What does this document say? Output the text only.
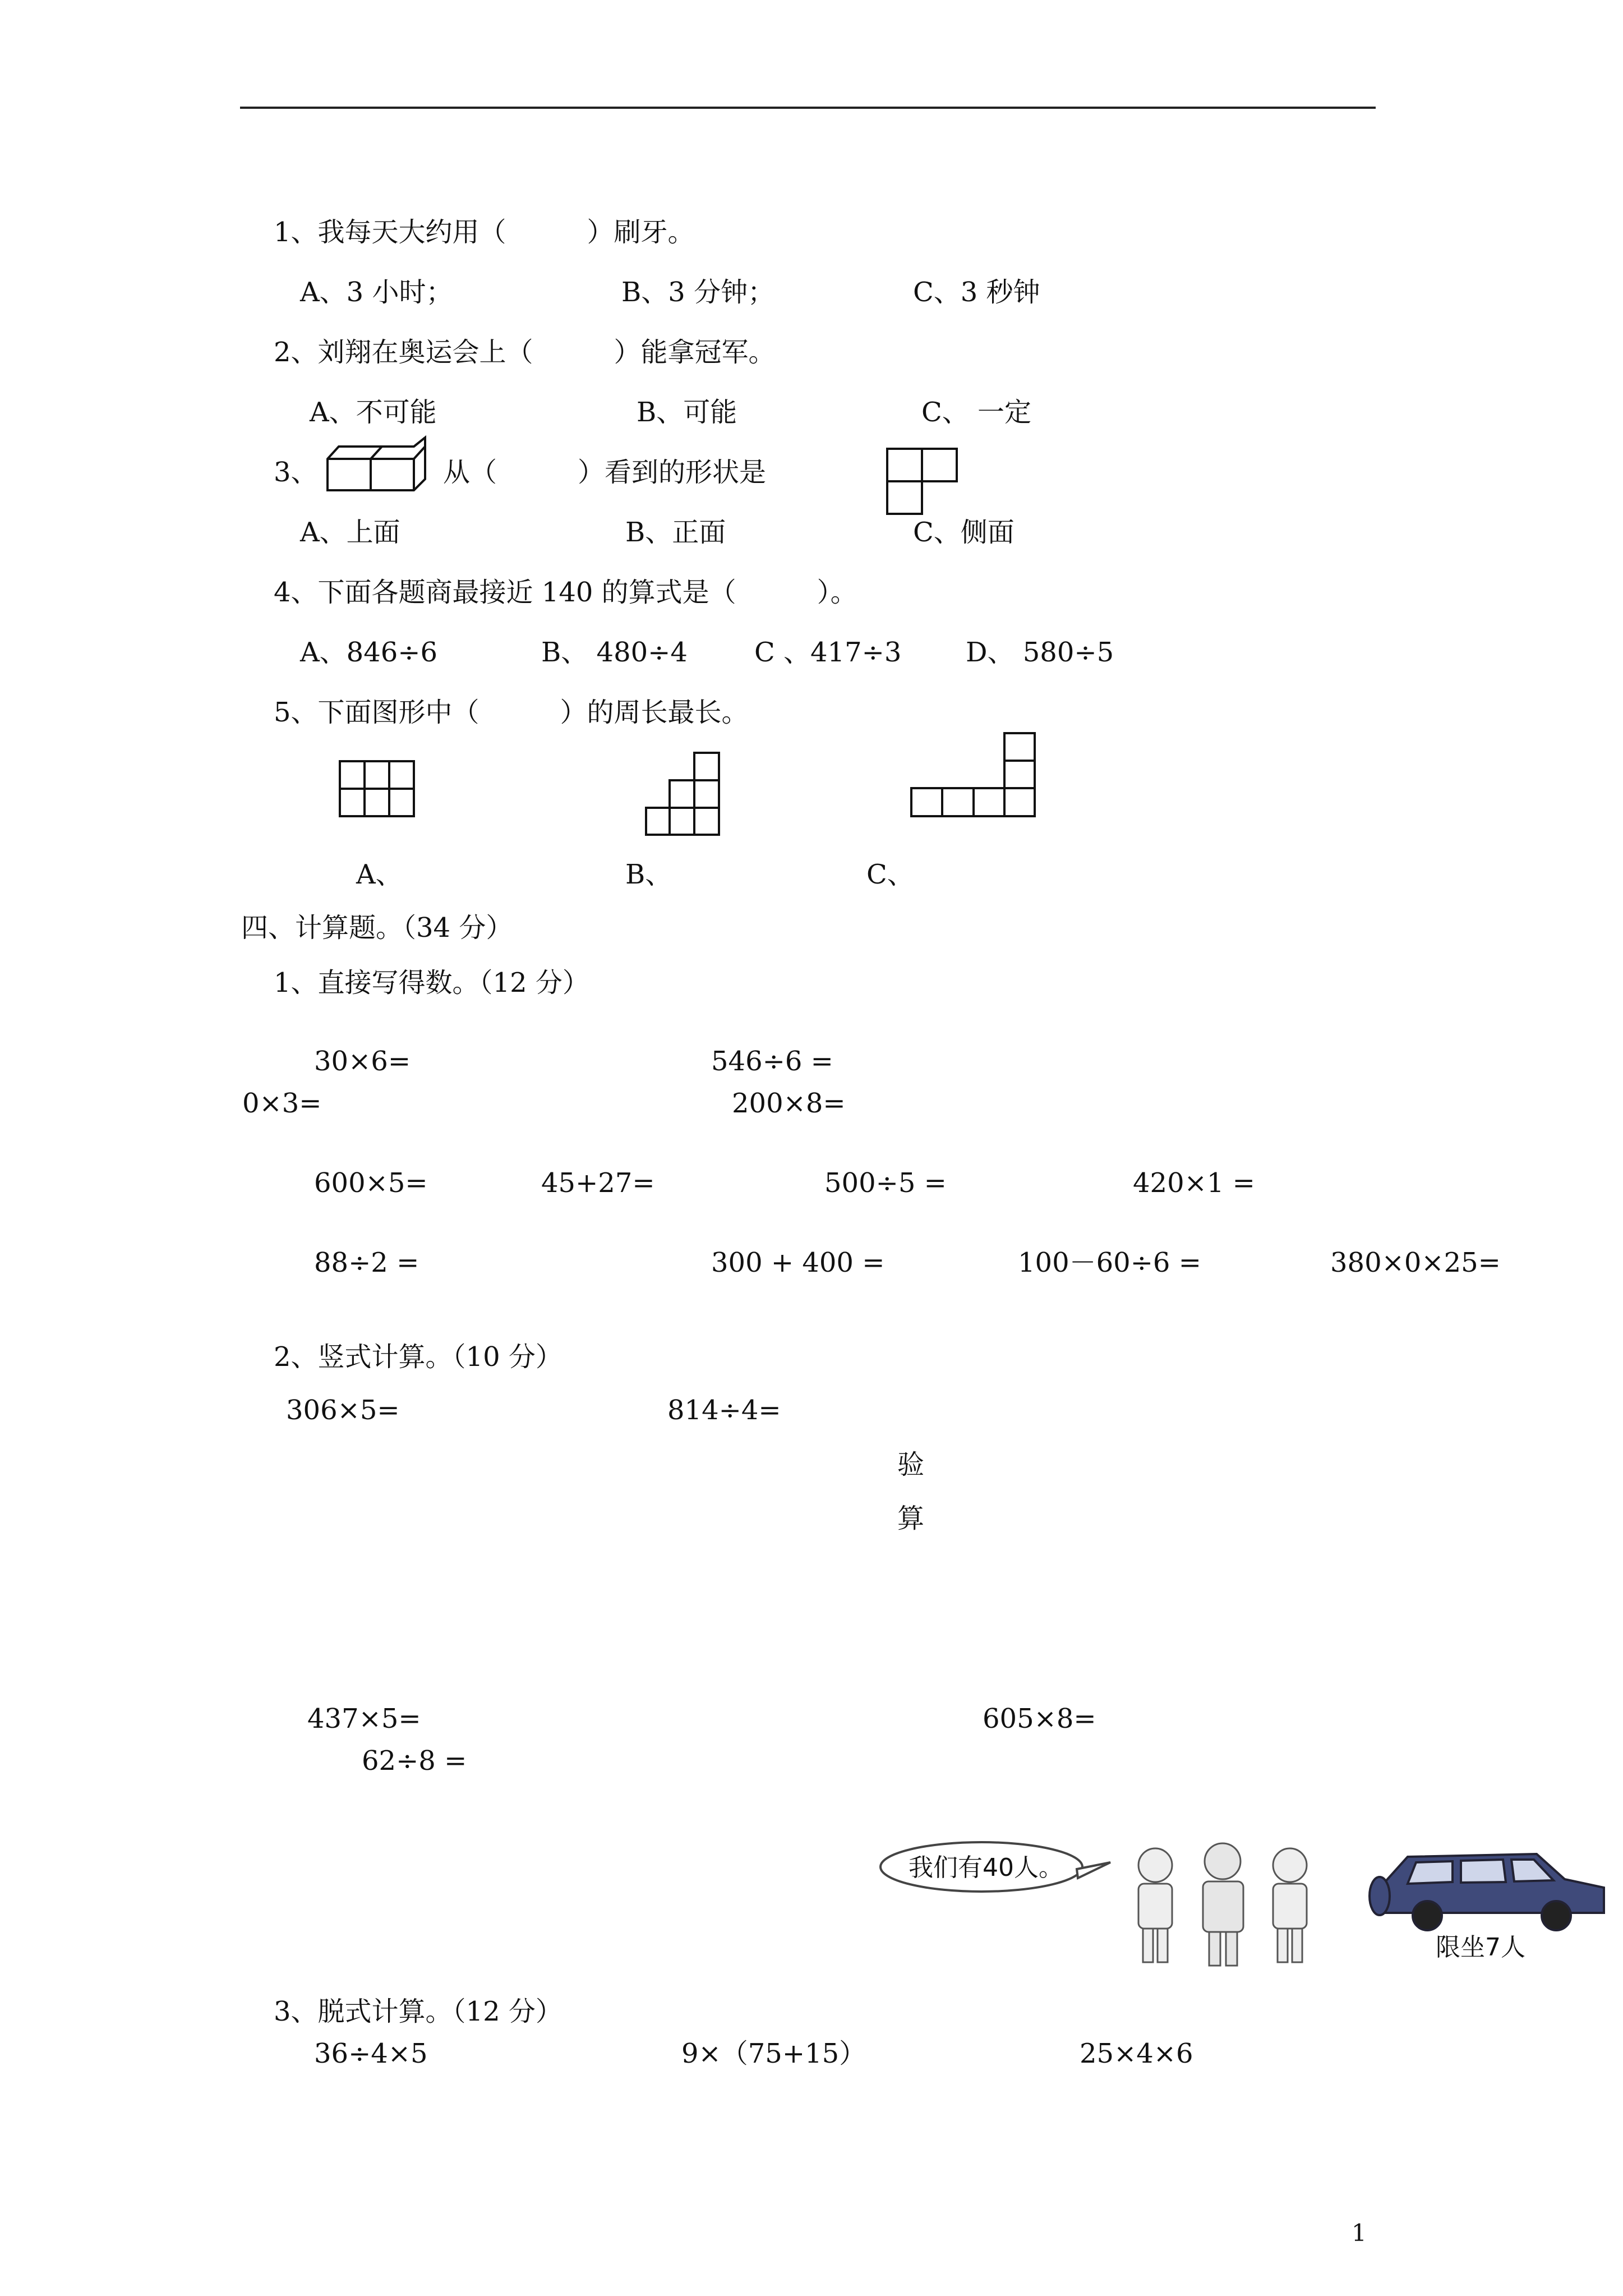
1、我每天大约用（　　　）刷牙。
A、3 小时；	B、3 分钟；	C、3 秒钟
2、刘翔在奥运会上（　　　）能拿冠军。
A、不可能	B、可能	C、 一定
3、	从（　　　）看到的形状是
A、上面	B、正面	C、侧面
4、下面各题商最接近 140 的算式是（　　　）。
A、846÷6	B、 480÷4 C 、417÷3 D、 580÷5
5、下面图形中（　　　）的周长最长。
A、	B、	C、
四、计算题。（34 分）
1、直接写得数。（12 分）
30×6=	546÷6 =
0×3=	200×8=
600×5=	45+27=	500÷5 =	420×1 =
88÷2 =	300 + 400 =	100－60÷6 =	380×0×25=
2、竖式计算。（10 分）
306×5=	814÷4=
验
算
437×5=	605×8=
62÷8 =
我们有40人。
限坐7人
3、脱式计算。（12 分）
36÷4×5	9×（75+15）	25×4×6
1
